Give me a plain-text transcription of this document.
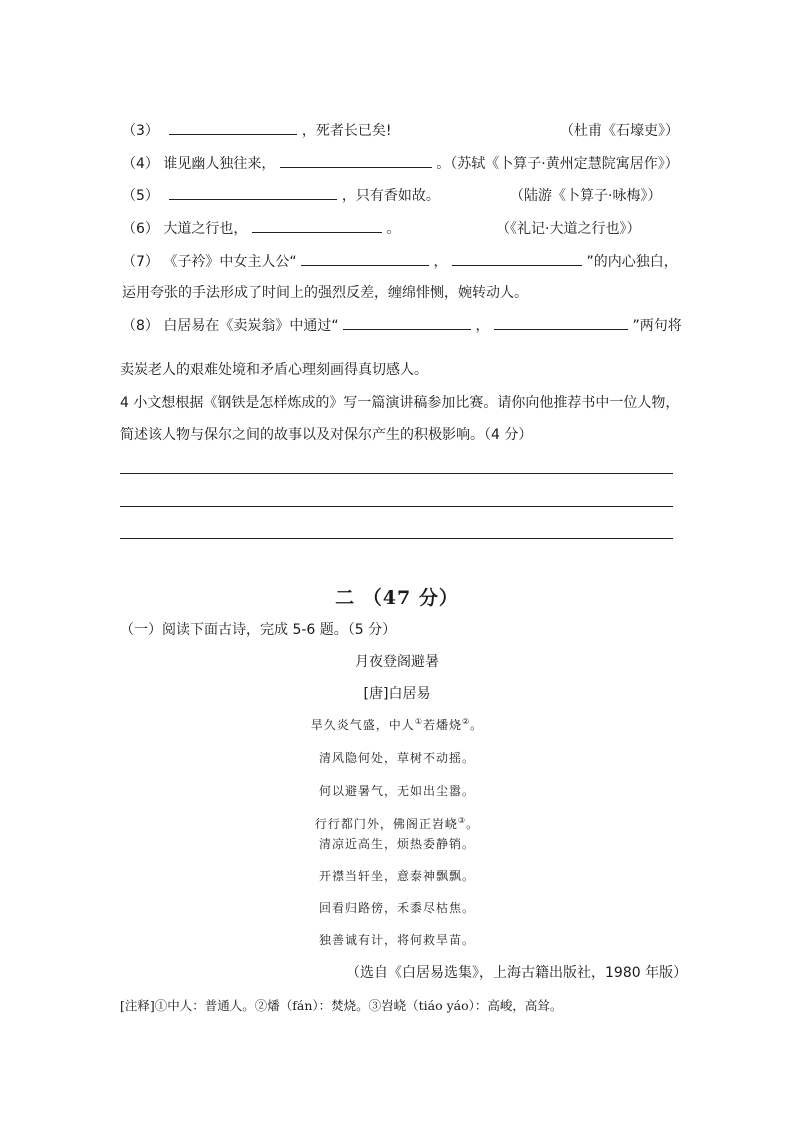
（3）	，死者长已矣!	（杜甫《石壕吏》）
（4） 谁见幽人独往来，	。（苏轼《卜算子·黄州定慧院寓居作》）
（5）	，只有香如故。	（陆游《卜算子·咏梅》）
（6） 大道之行也，	。	（《礼记·大道之行也》）
（7） 《子衿》中女主人公“	，	”的内心独白，
运用夸张的手法形成了时间上的强烈反差，缠绵悱恻，婉转动人。
（8） 白居易在《卖炭翁》中通过“	，	”两句将
卖炭老人的艰难处境和矛盾心理刻画得真切感人。
4 小文想根据《钢铁是怎样炼成的》写一篇演讲稿参加比赛。请你向他推荐书中一位人物，
简述该人物与保尔之间的故事以及对保尔产生的积极影响。（4 分）
二 （47 分）
（一）阅读下面古诗，完成 5-6 题。（5 分）
月夜登阁避暑
[唐]白居易
旱久炎气盛，中人①若燔烧②。
清风隐何处，草树不动摇。
何以避暑气，无如出尘嚣。
行行都门外，佛阁正岧峣③。
清凉近高生，烦热委静销。
开襟当轩坐，意泰神飘飘。
回看归路傍，禾黍尽枯焦。
独善诚有计，将何救旱苗。
（选自《白居易选集》，上海古籍出版社，1980 年版）
[注释]①中人：普通人。②燔（fán）：焚烧。③岧峣（tiáo yáo）：高峻，高耸。
